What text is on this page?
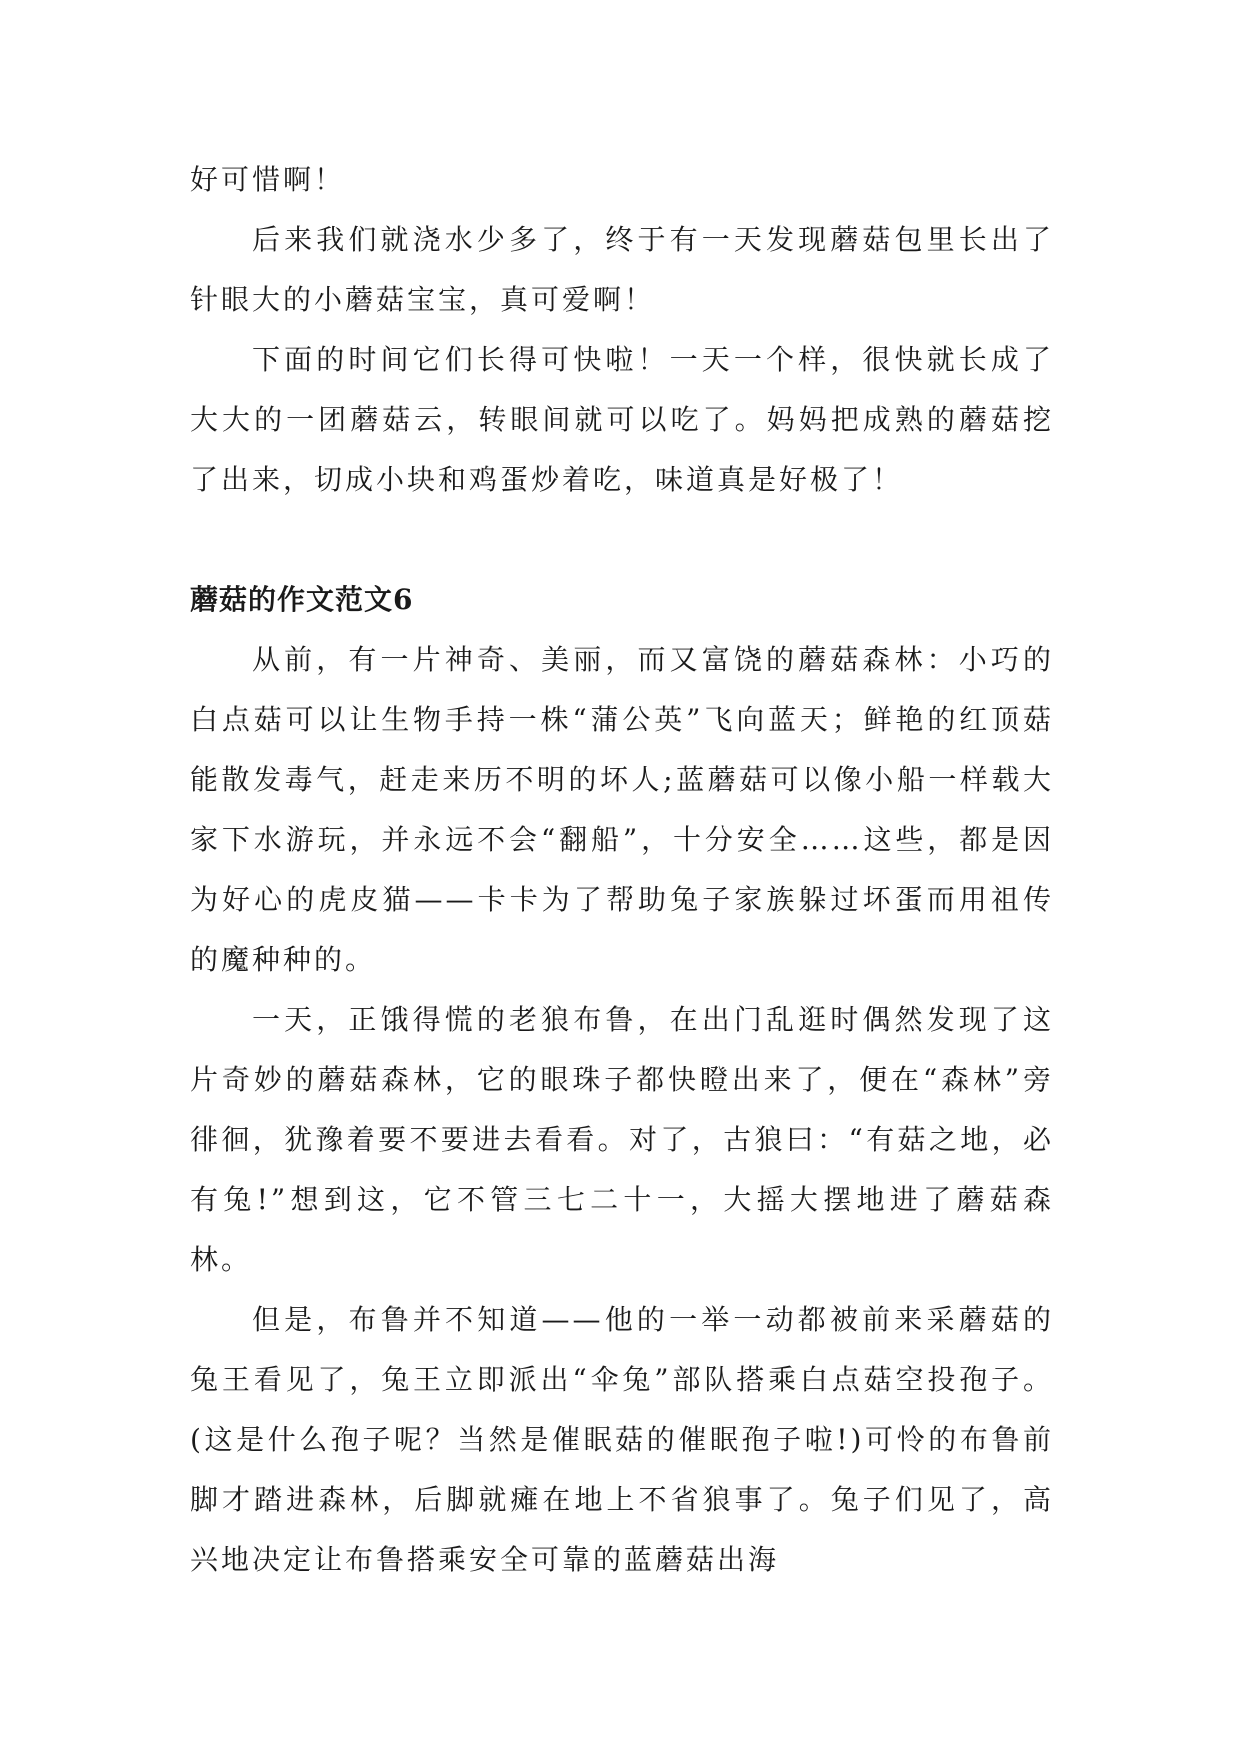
好可惜啊！

后来我们就浇水少多了，终于有一天发现蘑菇包里长出了针眼大的小蘑菇宝宝，真可爱啊！

下面的时间它们长得可快啦！一天一个样，很快就长成了大大的一团蘑菇云，转眼间就可以吃了。妈妈把成熟的蘑菇挖了出来，切成小块和鸡蛋炒着吃，味道真是好极了！

蘑菇的作文范文6

从前，有一片神奇、美丽，而又富饶的蘑菇森林：小巧的白点菇可以让生物手持一株“蒲公英”飞向蓝天；鲜艳的红顶菇能散发毒气，赶走来历不明的坏人;蓝蘑菇可以像小船一样载大家下水游玩，并永远不会“翻船”，十分安全……这些，都是因为好心的虎皮猫——卡卡为了帮助兔子家族躲过坏蛋而用祖传的魔种种的。

一天，正饿得慌的老狼布鲁，在出门乱逛时偶然发现了这片奇妙的蘑菇森林，它的眼珠子都快瞪出来了，便在“森林”旁徘徊，犹豫着要不要进去看看。对了，古狼曰：“有菇之地，必有兔!”想到这，它不管三七二十一，大摇大摆地进了蘑菇森林。

但是，布鲁并不知道——他的一举一动都被前来采蘑菇的兔王看见了，兔王立即派出“伞兔”部队搭乘白点菇空投孢子。(这是什么孢子呢？当然是催眠菇的催眠孢子啦!)可怜的布鲁前脚才踏进森林，后脚就瘫在地上不省狼事了。兔子们见了，高兴地决定让布鲁搭乘安全可靠的蓝蘑菇出海
